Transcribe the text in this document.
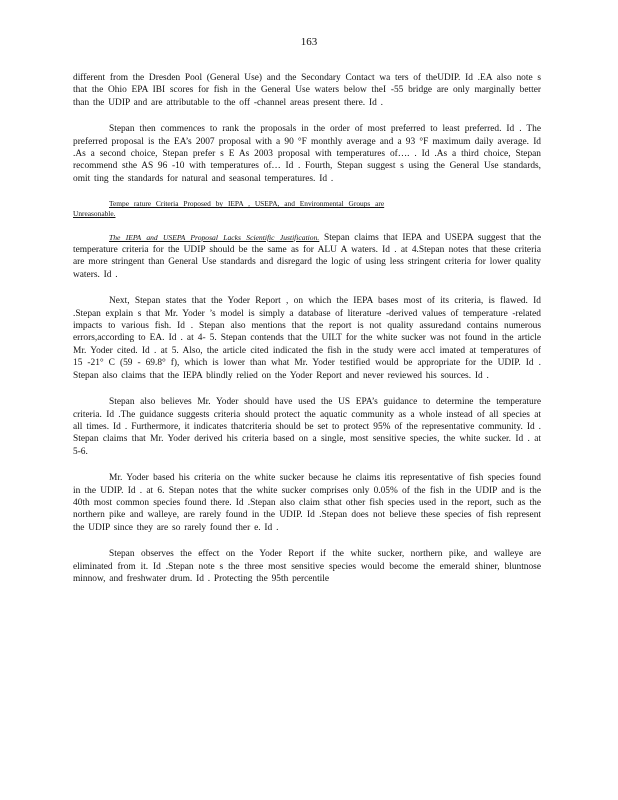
163

different from the Dresden Pool (General Use) and the Secondary Contact wa ters of theUDIP. Id .EA also note s that the Ohio EPA IBI scores for fish in the General Use waters below theI -55 bridge are only marginally better than the UDIP and are attributable to the off -channel areas present there. Id .

Stepan then commences to rank the proposals in the order of most preferred to least preferred. Id . The preferred proposal is the EA’s 2007 proposal with a 90 °F monthly average and a 93 °F maximum daily average. Id .As a second choice, Stepan prefer s E As 2003 proposal with temperatures of…. . Id .As a third choice, Stepan recommend sthe AS 96 -10 with temperatures of… Id . Fourth, Stepan suggest s using the General Use standards, omit ting the standards for natural and seasonal temperatures. Id .

Tempe rature Criteria Proposed by IEPA , USEPA, and Environmental Groups are
Unreasonable.

The IEPA and USEPA Proposal Lacks Scientific Justification. Stepan claims that IEPA and USEPA suggest that the temperature criteria for the UDIP should be the same as for ALU A waters. Id . at 4.Stepan notes that these criteria are more stringent than General Use standards and disregard the logic of using less stringent criteria for lower quality waters. Id .

Next, Stepan states that the Yoder Report , on which the IEPA bases most of its criteria, is flawed. Id .Stepan explain s that Mr. Yoder ’s model is simply a database of literature -derived values of temperature -related impacts to various fish. Id . Stepan also mentions that the report is not quality assuredand contains numerous errors,according to EA. Id . at 4- 5. Stepan contends that the UILT for the white sucker was not found in the article Mr. Yoder cited. Id . at 5. Also, the article cited indicated the fish in the study were accl imated at temperatures of 15 -21° C (59 - 69.8° f), which is lower than what Mr. Yoder testified would be appropriate for the UDIP. Id . Stepan also claims that the IEPA blindly relied on the Yoder Report and never reviewed his sources. Id .

Stepan also believes Mr. Yoder should have used the US EPA’s guidance to determine the temperature criteria. Id .The guidance suggests criteria should protect the aquatic community as a whole instead of all species at all times. Id . Furthermore, it indicates thatcriteria should be set to protect 95% of the representative community. Id . Stepan claims that Mr. Yoder derived his criteria based on a single, most sensitive species, the white sucker. Id . at 5-6.

Mr. Yoder based his criteria on the white sucker because he claims itis representative of fish species found in the UDIP. Id . at 6. Stepan notes that the white sucker comprises only 0.05% of the fish in the UDIP and is the 40th most common species found there. Id .Stepan also claim sthat other fish species used in the report, such as the northern pike and walleye, are rarely found in the UDIP. Id .Stepan does not believe these species of fish represent the UDIP since they are so rarely found ther e. Id .

Stepan observes the effect on the Yoder Report if the white sucker, northern pike, and walleye are eliminated from it. Id .Stepan note s the three most sensitive species would become the emerald shiner, bluntnose minnow, and freshwater drum. Id . Protecting the 95th percentile
